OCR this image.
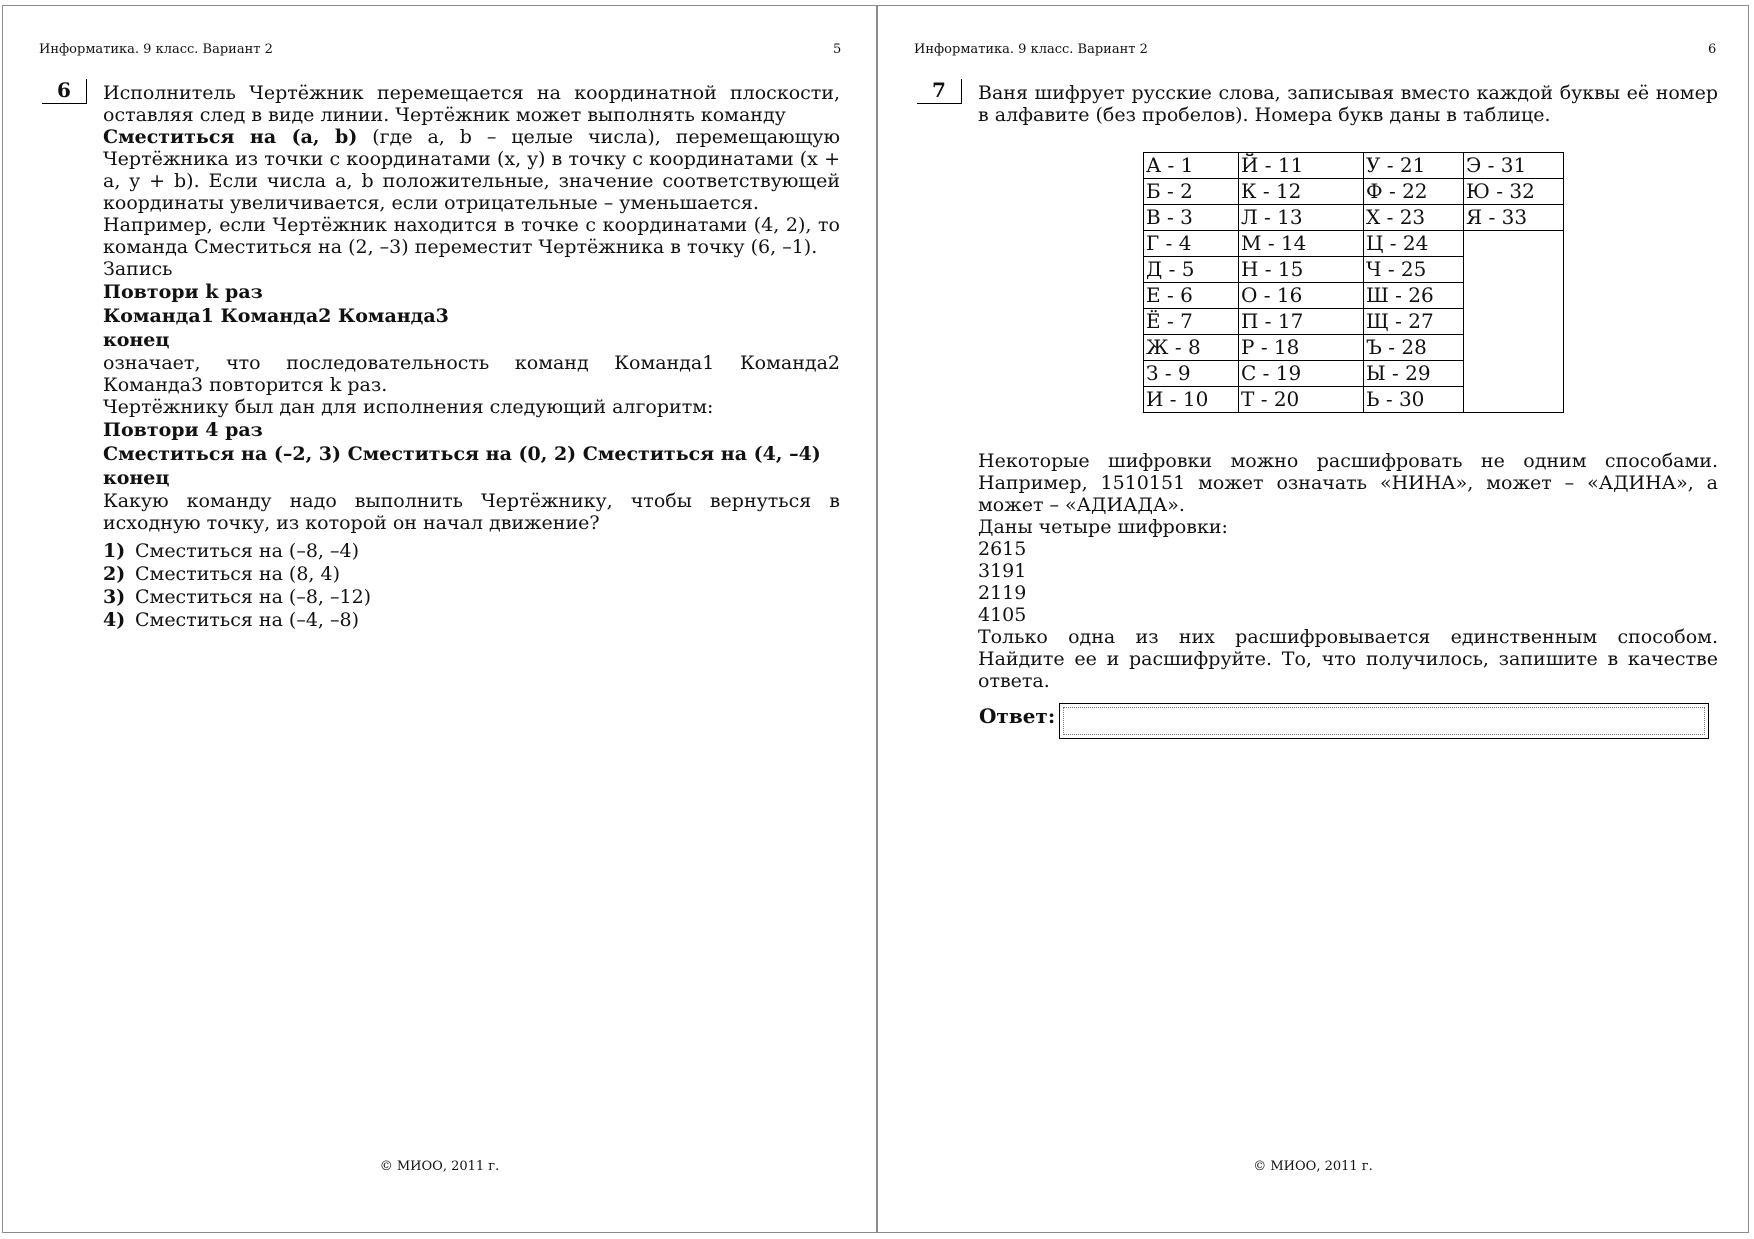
Информатика. 9 класс. Вариант 2	5
6	Исполнитель Чертёжник перемещается на координатной плоскости, оставляя след в виде линии. Чертёжник может выполнять команду

Сместиться на (a, b) (где a, b – целые числа), перемещающую Чертёжника из точки с координатами (x, y) в точку с координатами (x + a, y + b). Если числа a, b положительные, значение соответствующей координаты увеличивается, если отрицательные – уменьшается.

Например, если Чертёжник находится в точке с координатами (4, 2), то команда Сместиться на (2, –3) переместит Чертёжника в точку (6, –1).

Запись

Повтори k раз

Команда1 Команда2 Команда3

конец

означает, что последовательность команд Команда1 Команда2 Команда3 повторится k раз.

Чертёжнику был дан для исполнения следующий алгоритм:

Повтори 4 раз

Сместиться на (–2, 3) Сместиться на (0, 2) Сместиться на (4, –4)

конец

Какую команду надо выполнить Чертёжнику, чтобы вернуться в исходную точку, из которой он начал движение?

1) Сместиться на (–8, –4)

2) Сместиться на (8, 4)

3) Сместиться на (–8, –12)

4) Сместиться на (–4, –8)

© МИОО, 2011 г.
Информатика. 9 класс. Вариант 2	6
7	Ваня шифрует русские слова, записывая вместо каждой буквы её номер в алфавите (без пробелов). Номера букв даны в таблице.

А - 1	Й - 11	У - 21	Э - 31
Б - 2	К - 12	Ф - 22	Ю - 32
В - 3	Л - 13	Х - 23	Я - 33
Г - 4	М - 14	Ц - 24	
Д - 5	Н - 15	Ч - 25	
Е - 6	О - 16	Ш - 26	
Ё - 7	П - 17	Щ - 27	
Ж - 8	Р - 18	Ъ - 28	
З - 9	С - 19	Ы - 29	
И - 10	Т - 20	Ь - 30	

Некоторые шифровки можно расшифровать не одним способами. Например, 1510151 может означать «НИНА», может – «АДИНА», а может – «АДИАДА».

Даны четыре шифровки:

2615

3191

2119

4105

Только одна из них расшифровывается единственным способом. Найдите ее и расшифруйте. То, что получилось, запишите в качестве ответа.

Ответ:
© МИОО, 2011 г.
